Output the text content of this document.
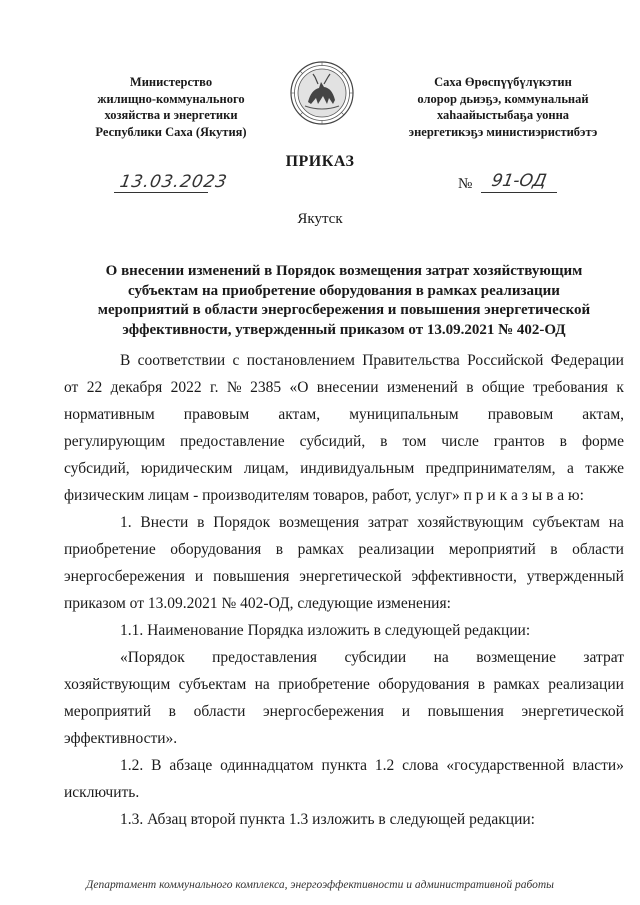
Министерство
жилищно-коммунального
хозяйства и энергетики
Республики Саха (Якутия)
Саха Өрөспүүбүлүкэтин
олорор дьиэҕэ, коммунальнай
хаһаайыстыбаҕа уонна
энергетикэҕэ министиэристибэтэ
ПРИКАЗ
13.03.2023	№	91-ОД
Якутск
О внесении изменений в Порядок возмещения затрат хозяйствующим
субъектам на приобретение оборудования в рамках реализации
мероприятий в области энергосбережения и повышения энергетической
эффективности, утвержденный приказом от 13.09.2021 № 402-ОД
В соответствии с постановлением Правительства Российской Федерации
от 22 декабря 2022 г. № 2385 «О внесении изменений в общие требования к
нормативным правовым актам, муниципальным правовым актам,
регулирующим предоставление субсидий, в том числе грантов в форме
субсидий, юридическим лицам, индивидуальным предпринимателям, а также
физическим лицам - производителям товаров, работ, услуг» п р и к а з ы в а ю:
1. Внести в Порядок возмещения затрат хозяйствующим субъектам на
приобретение оборудования в рамках реализации мероприятий в области
энергосбережения и повышения энергетической эффективности, утвержденный
приказом от 13.09.2021 № 402-ОД, следующие изменения:
1.1. Наименование Порядка изложить в следующей редакции:
«Порядок предоставления субсидии на возмещение затрат
хозяйствующим субъектам на приобретение оборудования в рамках реализации
мероприятий в области энергосбережения и повышения энергетической
эффективности».
1.2. В абзаце одиннадцатом пункта 1.2 слова «государственной власти»
исключить.
1.3. Абзац второй пункта 1.3 изложить в следующей редакции:
Департамент коммунального комплекса, энергоэффективности и административной работы
